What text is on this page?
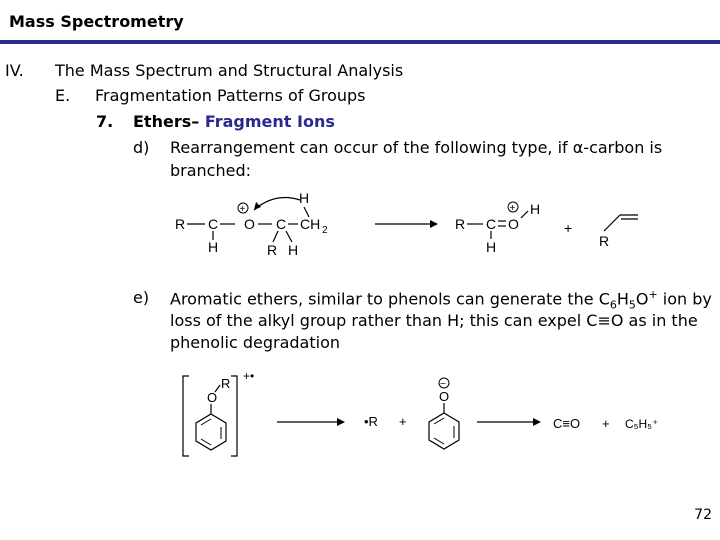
Mass Spectrometry
IV. The Mass Spectrum and Structural Analysis
E. Fragmentation Patterns of Groups
7. Ethers– Fragment Ions
d) Rearrangement can occur of the following type, if α-carbon is
branched:
R C O C CH 2
H
H	R H
+
R C O
+ H
H
+
R
e) Aromatic ethers, similar to phenols can generate the $C_6H_5O^+$ ion by
loss of the alkyl group rather than H; this can expel C≡O as in the
phenolic degradation
+•
R
O
•R +
−
O
C≡O + C₅H₅⁺
72
